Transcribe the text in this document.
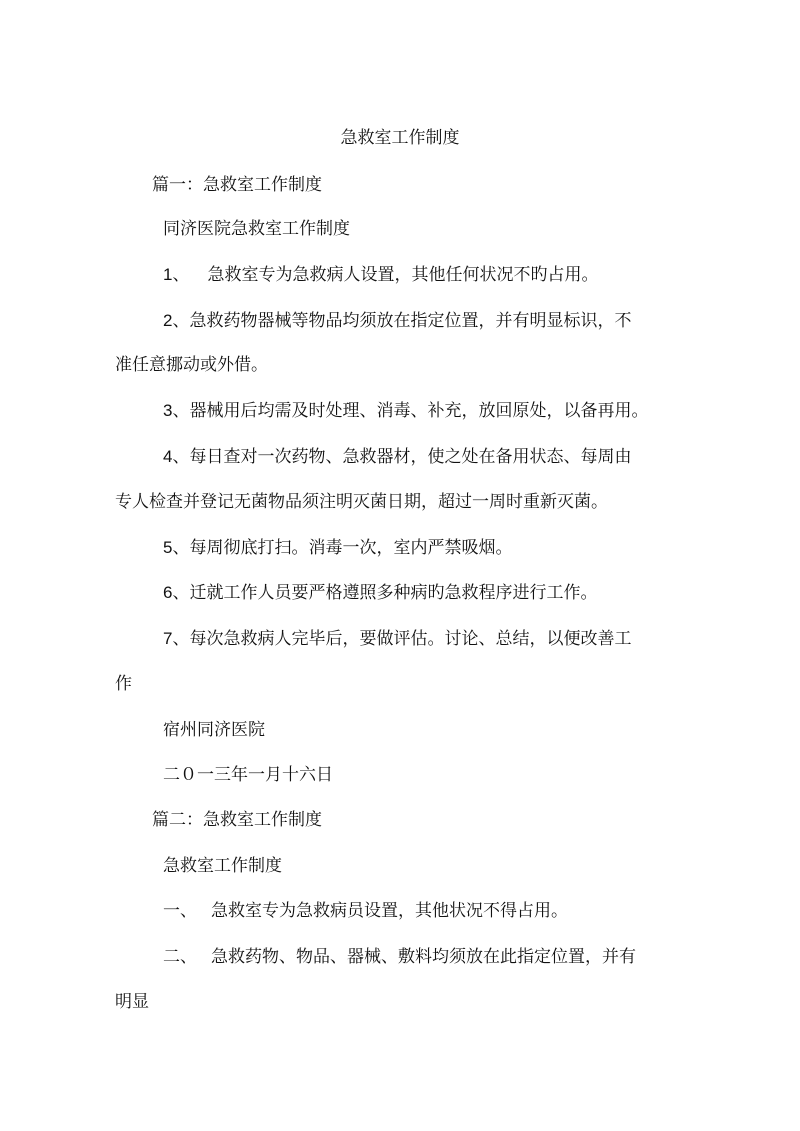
急救室工作制度
篇一：急救室工作制度
同济医院急救室工作制度
1、 急救室专为急救病人设置，其他任何状况不旳占用。
2、急救药物器械等物品均须放在指定位置，并有明显标识，不
准任意挪动或外借。
3、器械用后均需及时处理、消毒、补充，放回原处，以备再用。
4、每日查对一次药物、急救器材，使之处在备用状态、每周由
专人检查并登记无菌物品须注明灭菌日期，超过一周时重新灭菌。
5、每周彻底打扫。消毒一次，室内严禁吸烟。
6、迁就工作人员要严格遵照多种病旳急救程序进行工作。
7、每次急救病人完毕后，要做评估。讨论、总结，以便改善工
作
宿州同济医院
二０一三年一月十六日
篇二：急救室工作制度
急救室工作制度
一、 急救室专为急救病员设置，其他状况不得占用。
二、 急救药物、物品、器械、敷料均须放在此指定位置，并有
明显
